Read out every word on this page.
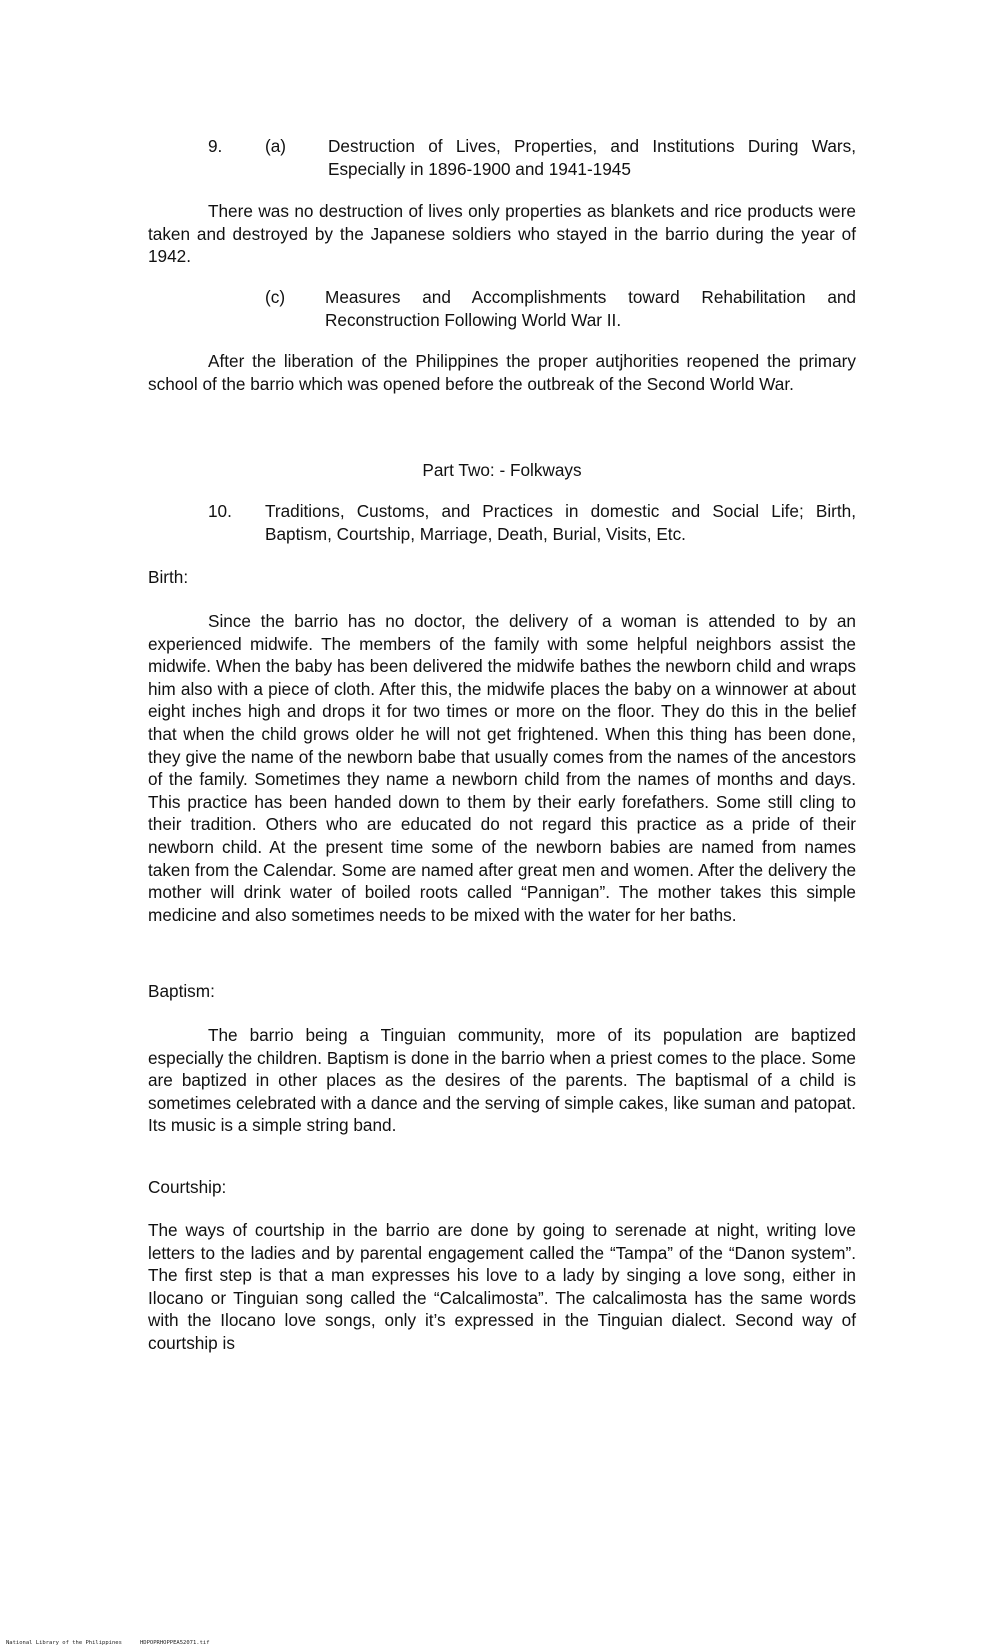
9. (a) Destruction of Lives, Properties, and Institutions During Wars, Especially in 1896-1900 and 1941-1945
There was no destruction of lives only properties as blankets and rice products were taken and destroyed by the Japanese soldiers who stayed in the barrio during the year of 1942.
(c) Measures and Accomplishments toward Rehabilitation and Reconstruction Following World War II.
After the liberation of the Philippines the proper autjhorities reopened the primary school of the barrio which was opened before the outbreak of the Second World War.
Part Two: - Folkways
10. Traditions, Customs, and Practices in domestic and Social Life; Birth, Baptism, Courtship, Marriage, Death, Burial, Visits, Etc.
Birth:
Since the barrio has no doctor, the delivery of a woman is attended to by an experienced midwife. The members of the family with some helpful neighbors assist the midwife. When the baby has been delivered the midwife bathes the newborn child and wraps him also with a piece of cloth. After this, the midwife places the baby on a winnower at about eight inches high and drops it for two times or more on the floor. They do this in the belief that when the child grows older he will not get frightened. When this thing has been done, they give the name of the newborn babe that usually comes from the names of the ancestors of the family. Sometimes they name a newborn child from the names of months and days. This practice has been handed down to them by their early forefathers. Some still cling to their tradition. Others who are educated do not regard this practice as a pride of their newborn child. At the present time some of the newborn babies are named from names taken from the Calendar. Some are named after great men and women. After the delivery the mother will drink water of boiled roots called “Pannigan”. The mother takes this simple medicine and also sometimes needs to be mixed with the water for her baths.
Baptism:
The barrio being a Tinguian community, more of its population are baptized especially the children. Baptism is done in the barrio when a priest comes to the place. Some are baptized in other places as the desires of the parents. The baptismal of a child is sometimes celebrated with a dance and the serving of simple cakes, like suman and patopat. Its music is a simple string band.
Courtship:
The ways of courtship in the barrio are done by going to serenade at night, writing love letters to the ladies and by parental engagement called the “Tampa” of the “Danon system”. The first step is that a man expresses his love to a lady by singing a love song, either in Ilocano or Tinguian song called the “Calcalimosta”. The calcalimosta has the same words with the Ilocano love songs, only it’s expressed in the Tinguian dialect. Second way of courtship is
National Library of the Philippines	HDPOPRHOPPEA52071.tif
